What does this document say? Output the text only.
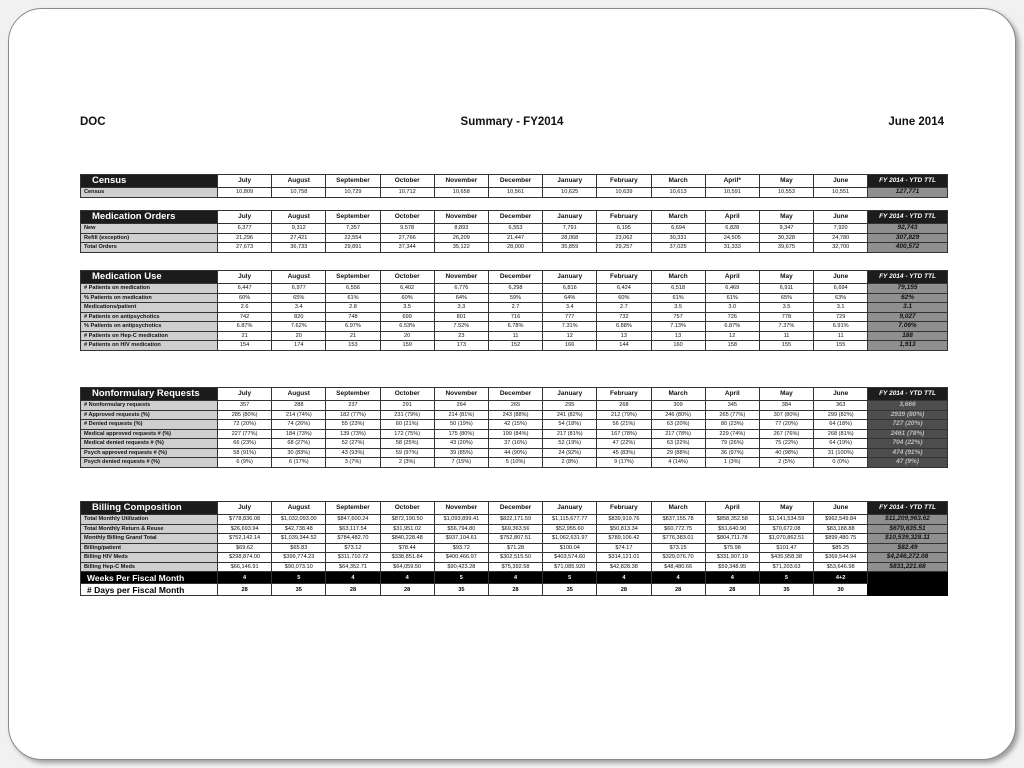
DOC	Summary - FY2014	June 2014
Census	July	August	September	October	November	December	January	February	March	April*	May	June	FY 2014 - YTD TTL
Census	10,809	10,758	10,729	10,712	10,658	10,561	10,625	10,639	10,613	10,591	10,553	10,551	127,771
Medication Orders	July	August	September	October	November	December	January	February	March	April	May	June	FY 2014 - YTD TTL
New	6,377	9,312	7,357	9,578	8,893	6,553	7,791	6,195	6,694	6,828	9,347	7,920	92,743
Refill (exception)	21,296	27,421	22,554	27,766	26,209	21,447	28,068	23,062	30,331	24,505	30,328	24,780	307,829
Total Orders	27,673	36,733	29,891	37,344	35,122	28,000	35,859	29,257	37,025	31,333	39,675	32,700	400,572
Medication Use	July	August	September	October	November	December	January	February	March	April	May	June	FY 2014 - YTD TTL
# Patients on medication	6,447	6,977	6,556	6,402	6,776	6,298	6,816	6,424	6,518	6,469	6,911	6,694	79,155
% Patients on medication	60%	65%	61%	60%	64%	59%	64%	60%	61%	61%	65%	63%	62%
Medications/patient	2.6	3.4	2.8	3.5	3.3	2.7	3.4	2.7	3.5	3.0	3.5	3.1	3.1
# Patients on antipsychotics	742	820	748	699	801	716	777	732	757	726	778	729	9,027
% Patients on antipsychotics	6.87%	7.62%	6.97%	6.53%	7.52%	6.78%	7.31%	6.88%	7.13%	6.87%	7.37%	6.91%	7.06%
# Patients on Hep-C medication	21	20	21	20	23	11	12	13	13	12	11	11	188
# Patients on HIV medication	154	174	153	159	173	152	166	144	160	158	155	155	1,913
Nonformulary Requests	July	August	September	October	November	December	January	February	March	April	May	June	FY 2014 - YTD TTL
# Nonformulary requests	357	288	237	291	264	265	295	268	309	345	384	363	3,666
# Approved requests (%)	285 (80%)	214 (74%)	182 (77%)	231 (79%)	214 (81%)	243 (88%)	241 (82%)	212 (79%)	246 (80%)	265 (77%)	307 (80%)	299 (82%)	2939 (80%)
# Denied requests (%)	72 (20%)	74 (26%)	55 (23%)	60 (21%)	50 (19%)	42 (15%)	54 (18%)	56 (21%)	63 (20%)	80 (23%)	77 (20%)	64 (18%)	727 (20%)
Medical approved requests # (%)	227 (77%)	184 (73%)	139 (73%)	172 (75%)	175 (80%)	199 (84%)	217 (81%)	167 (78%)	217 (78%)	229 (74%)	267 (76%)	268 (81%)	2461 (78%)
Medical denied requests # (%)	66 (23%)	68 (27%)	52 (27%)	58 (25%)	43 (20%)	37 (16%)	52 (19%)	47 (22%)	63 (22%)	79 (26%)	75 (22%)	64 (19%)	704 (22%)
Psych approved requests # (%)	58 (91%)	30 (83%)	43 (93%)	59 (97%)	39 (85%)	44 (90%)	24 (92%)	45 (83%)	29 (88%)	36 (97%)	40 (98%)	31 (100%)	474 (91%)
Psych denied requests # (%)	6 (9%)	6 (17%)	3 (7%)	2 (3%)	7 (15%)	5 (10%)	2 (8%)	9 (17%)	4 (14%)	1 (3%)	2 (5%)	0 (0%)	47 (9%)
Billing Composition	July	August	September	October	November	December	January	February	March	April	May	June	FY 2014 - YTD TTL
Total Monthly Utilization	$778,836.08	$1,032,093.00	$847,600.24	$872,190.50	$1,093,899.41	$822,171.59	$1,115,677.77	$839,919.76	$837,155.78	$858,352.58	$1,141,534.59	$962,549.84	$11,209,963.62
Total Monthly Return & Reuse	$26,693.94	$42,738.48	$63,117.54	$31,951.02	$56,794.80	$69,363.56	$52,955.60	$50,813.34	$60,772.75	$51,640.90	$70,672.08	$83,188.88	$670,635.51
Monthly Billing Grand Total	$752,142.14	$1,039,344.52	$784,482.70	$840,228.48	$937,104.61	$752,807.51	$1,062,631.97	$789,106.42	$776,383.01	$804,711.78	$1,070,862.51	$899,480.75	$10,539,328.11
Billing/patient	$69.62	$65.83	$73.12	$78.44	$93.72	$71.28	$100.04	$74.17	$73.15	$75.98	$101.47	$85.25	$82.49
Billing HIV Meds	$298,874.00	$399,774.23	$311,710.72	$338,851.84	$400,466.97	$302,515.50	$403,574.60	$314,121.01	$329,076.70	$331,907.19	$435,958.38	$369,544.94	$4,246,272.08
Billing Hep-C Meds	$66,146.91	$90,073.10	$64,352.71	$64,059.50	$90,423.28	$75,392.58	$71,085.920	$42,828.38	$48,480.66	$59,348.95	$71,203.63	$53,646.98	$831,221.68
Weeks Per Fiscal Month	4	5	4	4	5	4	5	4	4	4	5	4+2	
# Days per Fiscal Month	28	35	28	28	35	28	35	28	28	28	35	30	
